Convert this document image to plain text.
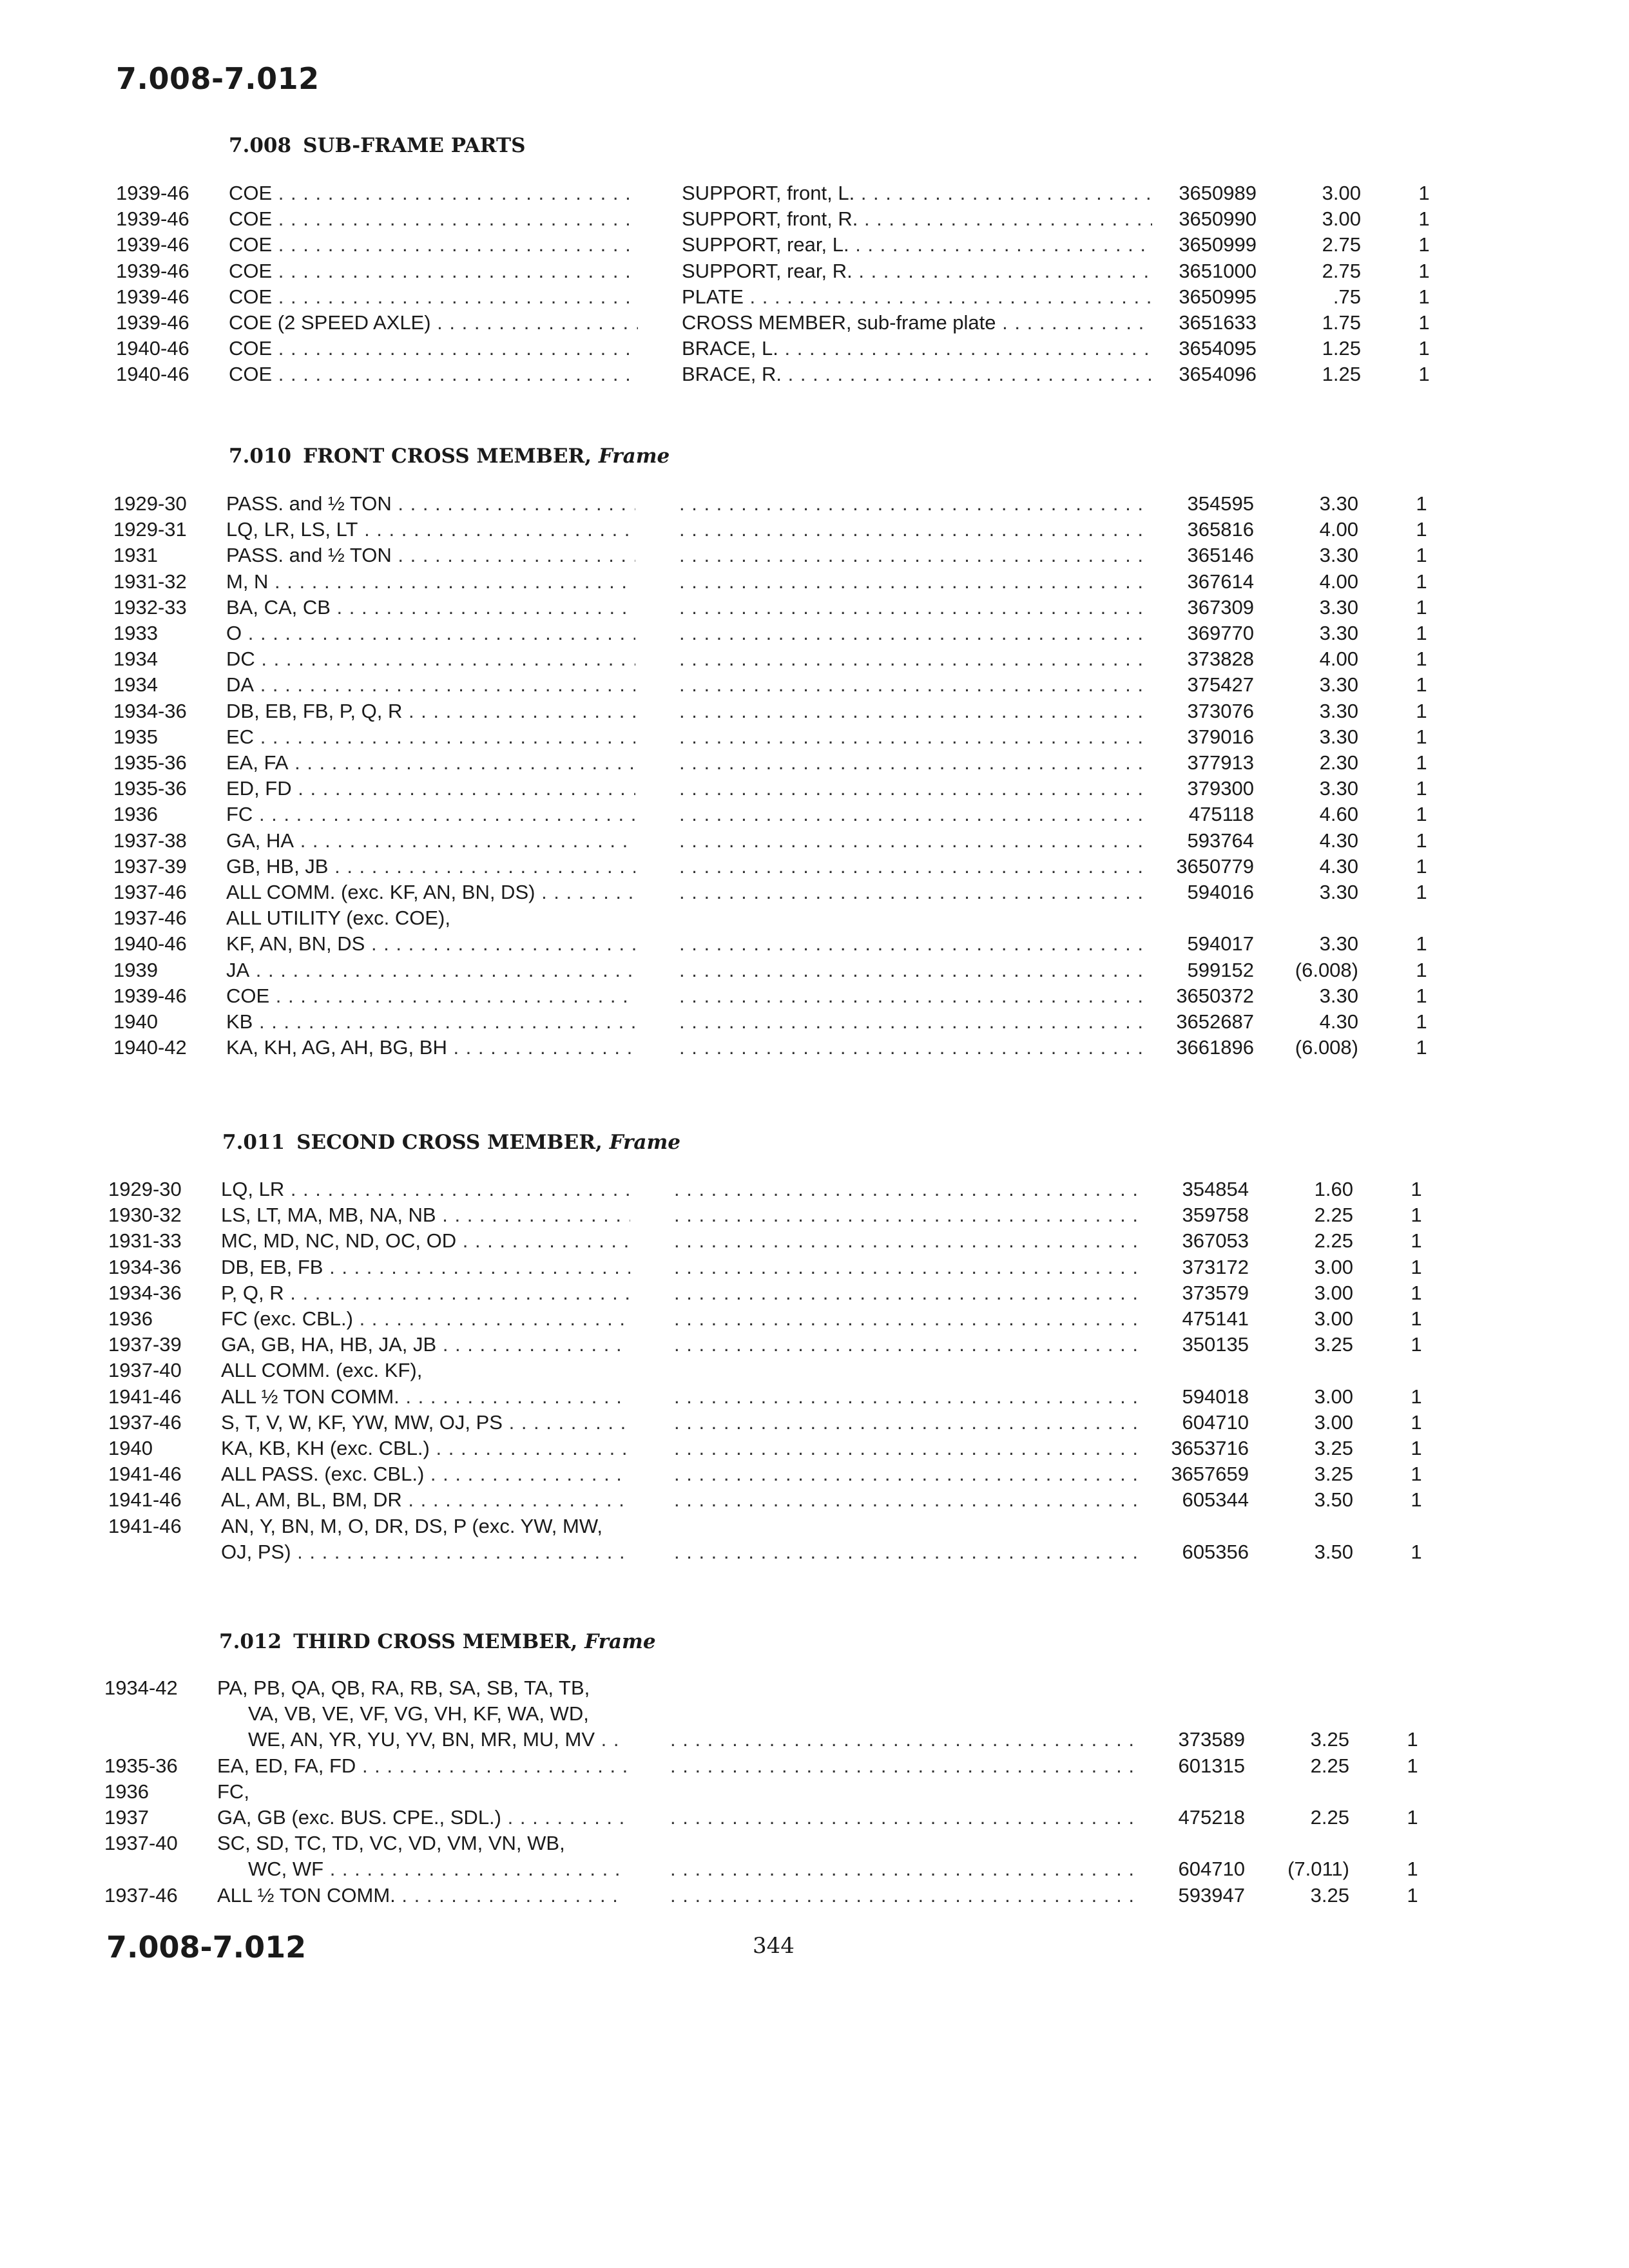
7.008-7.012
7.008 SUB-FRAME PARTS
1939-46	COE . . .	SUPPORT, front, L. . . .	3650989	3.00	1
1939-46	COE . . .	SUPPORT, front, R. . . .	3650990	3.00	1
1939-46	COE . . .	SUPPORT, rear, L. . . .	3650999	2.75	1
1939-46	COE . . .	SUPPORT, rear, R. . . .	3651000	2.75	1
1939-46	COE . . .	PLATE . . .	3650995	.75	1
1939-46	COE (2 SPEED AXLE) . . .	CROSS MEMBER, sub-frame plate . . .	3651633	1.75	1
1940-46	COE . . .	BRACE, L. . . .	3654095	1.25	1
1940-46	COE . . .	BRACE, R. . . .	3654096	1.25	1
7.010 FRONT CROSS MEMBER, Frame
1929-30	PASS. and ½ TON . . . . . .	354595	3.30	1
1929-31	LQ, LR, LS, LT . . . . . .	365816	4.00	1
1931	PASS. and ½ TON . . . . . .	365146	3.30	1
1931-32	M, N . . . . . .	367614	4.00	1
1932-33	BA, CA, CB . . . . . .	367309	3.30	1
1933	O . . . . . .	369770	3.30	1
1934	DC . . . . . .	373828	4.00	1
1934	DA . . . . . .	375427	3.30	1
1934-36	DB, EB, FB, P, Q, R . . . . . .	373076	3.30	1
1935	EC . . . . . .	379016	3.30	1
1935-36	EA, FA . . . . . .	377913	2.30	1
1935-36	ED, FD . . . . . .	379300	3.30	1
1936	FC . . . . . .	475118	4.60	1
1937-38	GA, HA . . . . . .	593764	4.30	1
1937-39	GB, HB, JB . . . . . .	3650779	4.30	1
1937-46	ALL COMM. (exc. KF, AN, BN, DS) . . . . . .	594016	3.30	1
1937-46	ALL UTILITY (exc. COE),
1940-46	KF, AN, BN, DS . . . . . .	594017	3.30	1
1939	JA . . . . . .	599152	(6.008)	1
1939-46	COE . . . . . .	3650372	3.30	1
1940	KB . . . . . .	3652687	4.30	1
1940-42	KA, KH, AG, AH, BG, BH . . . . . .	3661896	(6.008)	1
7.011 SECOND CROSS MEMBER, Frame
1929-30	LQ, LR . . . . . .	354854	1.60	1
1930-32	LS, LT, MA, MB, NA, NB . . . . . .	359758	2.25	1
1931-33	MC, MD, NC, ND, OC, OD . . . . . .	367053	2.25	1
1934-36	DB, EB, FB . . . . . .	373172	3.00	1
1934-36	P, Q, R . . . . . .	373579	3.00	1
1936	FC (exc. CBL.) . . . . . .	475141	3.00	1
1937-39	GA, GB, HA, HB, JA, JB . . . . . .	350135	3.25	1
1937-40	ALL COMM. (exc. KF),
1941-46	ALL ½ TON COMM. . . . . . .	594018	3.00	1
1937-46	S, T, V, W, KF, YW, MW, OJ, PS . . . . . .	604710	3.00	1
1940	KA, KB, KH (exc. CBL.) . . . . . .	3653716	3.25	1
1941-46	ALL PASS. (exc. CBL.) . . . . . .	3657659	3.25	1
1941-46	AL, AM, BL, BM, DR . . . . . .	605344	3.50	1
1941-46	AN, Y, BN, M, O, DR, DS, P (exc. YW, MW,
OJ, PS) . . . . . .	605356	3.50	1
7.012 THIRD CROSS MEMBER, Frame
1934-42	PA, PB, QA, QB, RA, RB, SA, SB, TA, TB,
VA, VB, VE, VF, VG, VH, KF, WA, WD,
WE, AN, YR, YU, YV, BN, MR, MU, MV . . . . . .	373589	3.25	1
1935-36	EA, ED, FA, FD . . . . . .	601315	2.25	1
1936	FC,
1937	GA, GB (exc. BUS. CPE., SDL.) . . . . . .	475218	2.25	1
1937-40	SC, SD, TC, TD, VC, VD, VM, VN, WB,
WC, WF . . . . . .	604710	(7.011)	1
1937-46	ALL ½ TON COMM. . . . . . .	593947	3.25	1
7.008-7.012	344
